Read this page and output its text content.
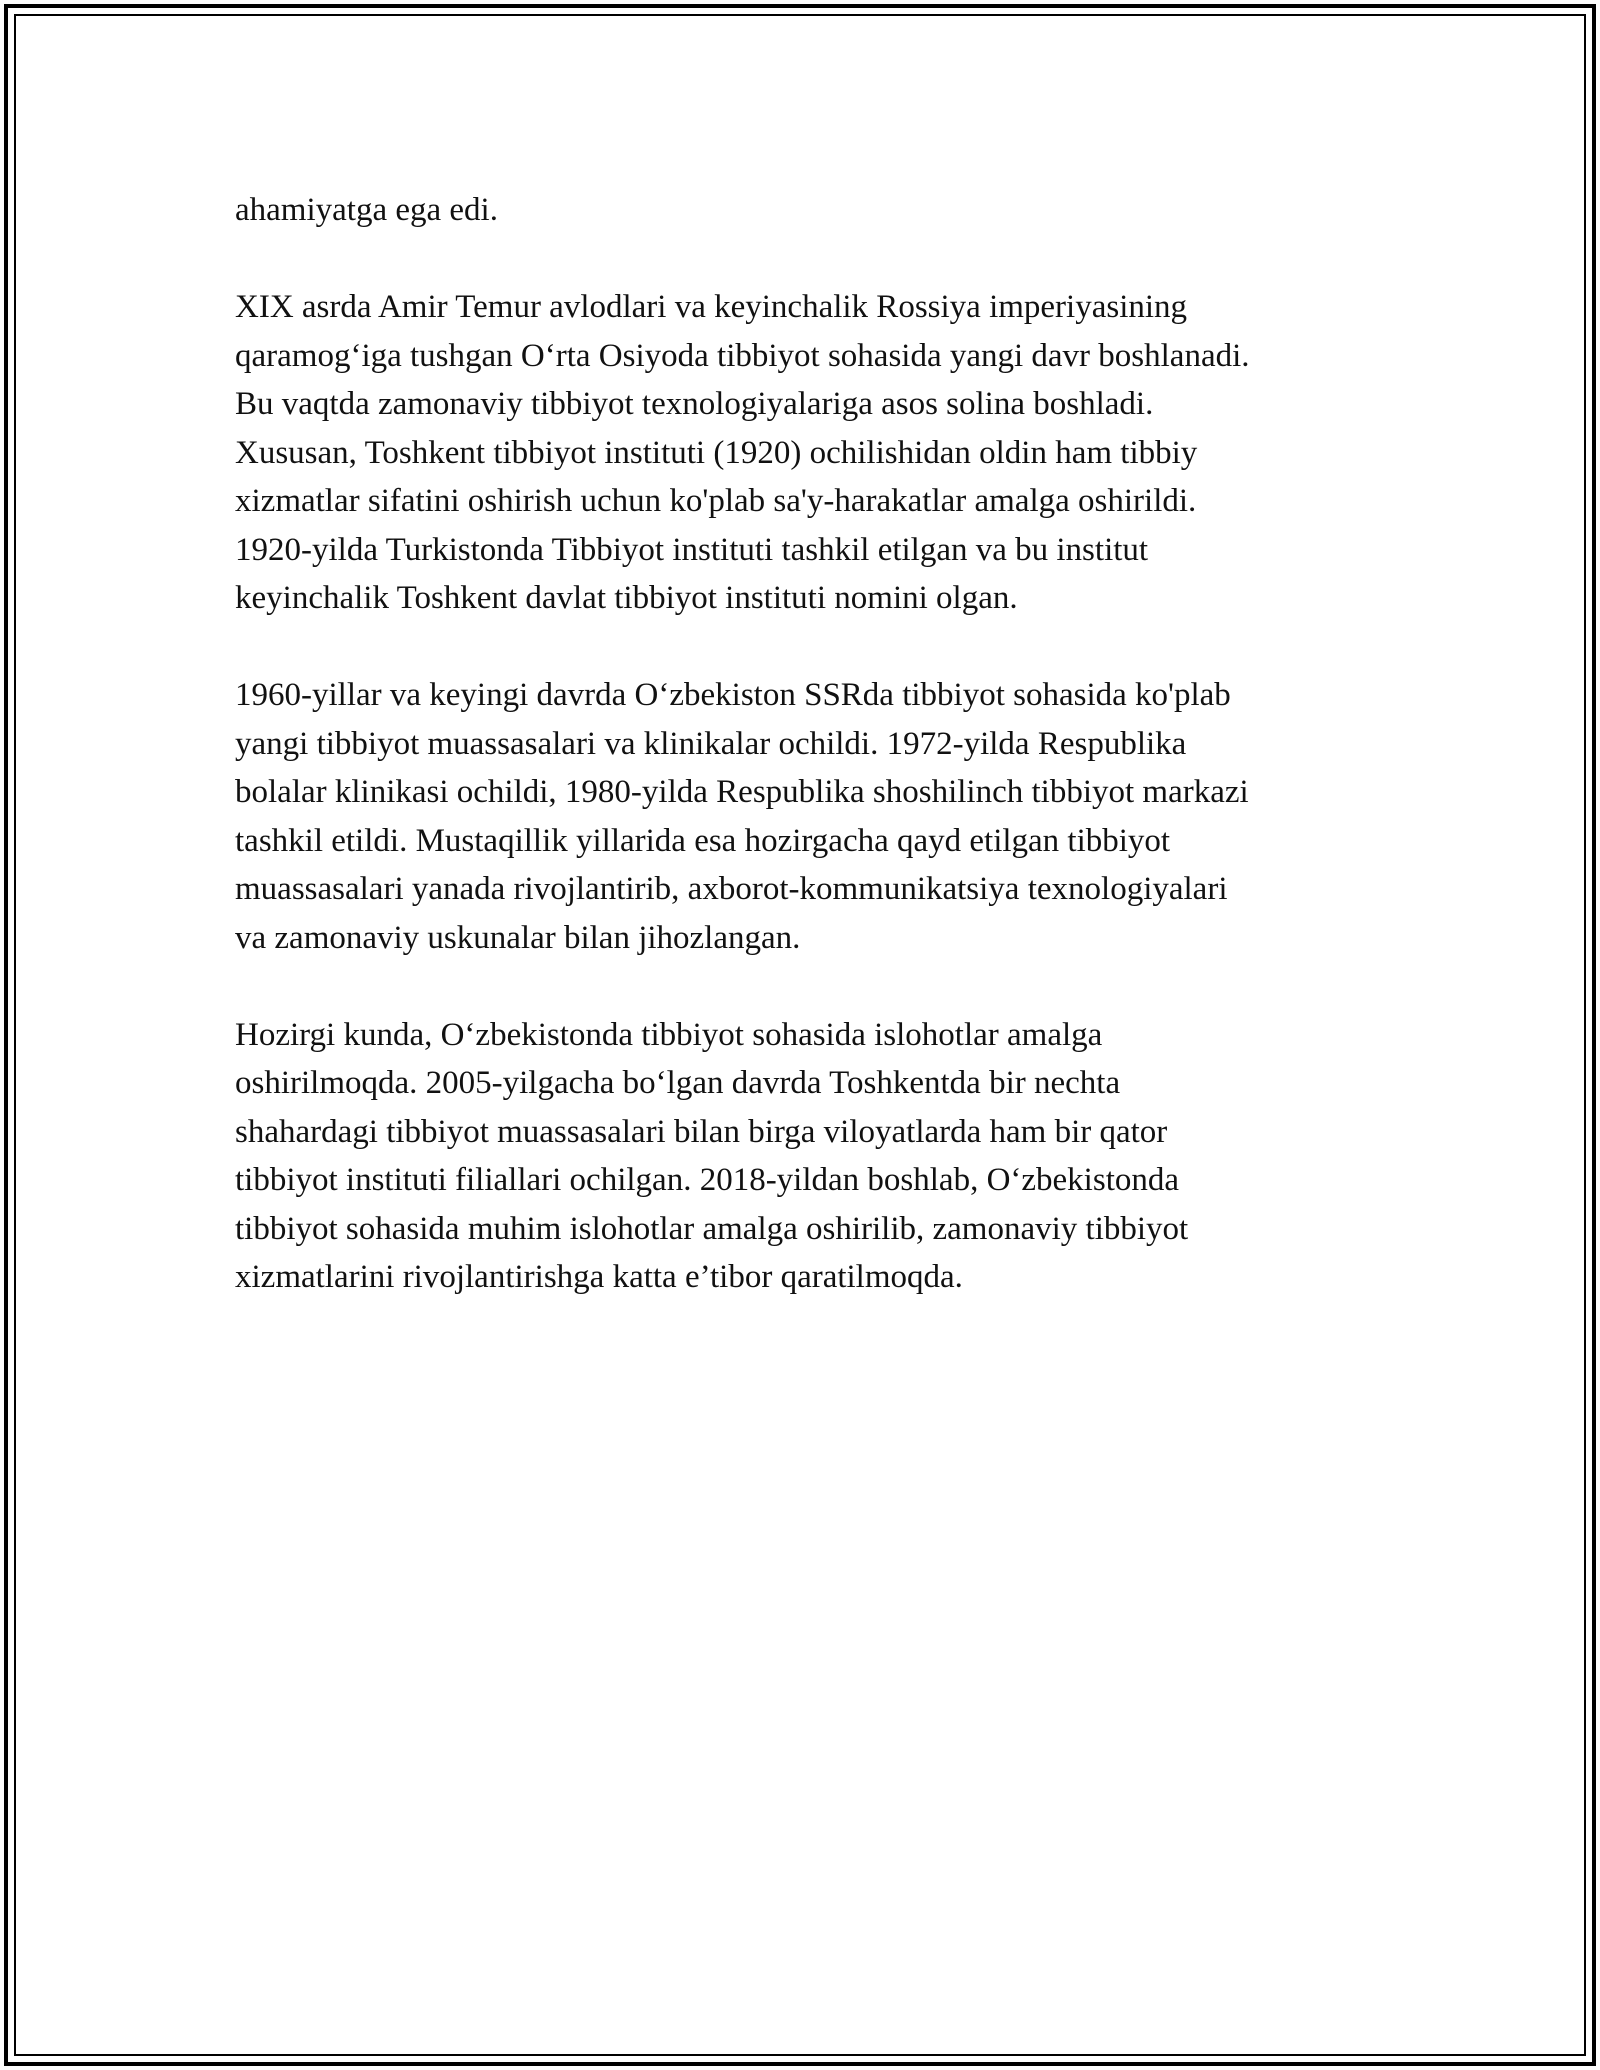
ahamiyatga ega edi.

XIX asrda Amir Temur avlodlari va keyinchalik Rossiya imperiyasining
qaramog‘iga tushgan O‘rta Osiyoda tibbiyot sohasida yangi davr boshlanadi.
Bu vaqtda zamonaviy tibbiyot texnologiyalariga asos solina boshladi.
Xususan, Toshkent tibbiyot instituti (1920) ochilishidan oldin ham tibbiy
xizmatlar sifatini oshirish uchun ko'plab sa'y-harakatlar amalga oshirildi.
1920-yilda Turkistonda Tibbiyot instituti tashkil etilgan va bu institut
keyinchalik Toshkent davlat tibbiyot instituti nomini olgan.

1960-yillar va keyingi davrda O‘zbekiston SSRda tibbiyot sohasida ko'plab
yangi tibbiyot muassasalari va klinikalar ochildi. 1972-yilda Respublika
bolalar klinikasi ochildi, 1980-yilda Respublika shoshilinch tibbiyot markazi
tashkil etildi. Mustaqillik yillarida esa hozirgacha qayd etilgan tibbiyot
muassasalari yanada rivojlantirib, axborot-kommunikatsiya texnologiyalari
va zamonaviy uskunalar bilan jihozlangan.

Hozirgi kunda, O‘zbekistonda tibbiyot sohasida islohotlar amalga
oshirilmoqda. 2005-yilgacha bo‘lgan davrda Toshkentda bir nechta
shahardagi tibbiyot muassasalari bilan birga viloyatlarda ham bir qator
tibbiyot instituti filiallari ochilgan. 2018-yildan boshlab, O‘zbekistonda
tibbiyot sohasida muhim islohotlar amalga oshirilib, zamonaviy tibbiyot
xizmatlarini rivojlantirishga katta e’tibor qaratilmoqda.
